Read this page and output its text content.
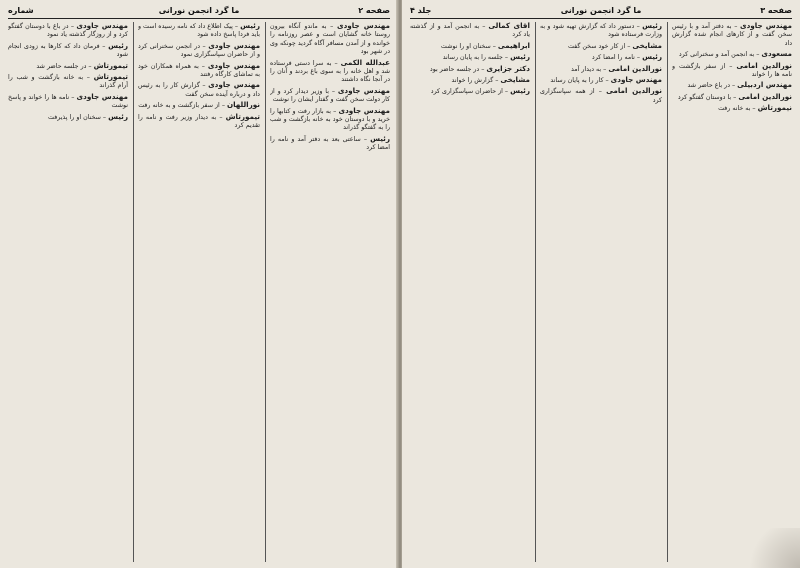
شماره	ما گرد انجمن نورانی	صفحه ۲

مهندس جاودی – به ماندو آنگاه بیرون روستا خانه گشایان است و عصر روزنامه را خوانده و از آمدن مسافر آگاه گردید چونکه وی در شهر بود

عبدالله الکمی – به سرا دستی فرستاده شد و اهل خانه را به سوی باغ بردند و آنان را در آنجا نگاه داشتند

مهندس جاودی – با وزیر دیدار کرد و از کار دولت سخن گفت و گفتار ایشان را نوشت

مهندس جاودی – به بازار رفت و کتابها را خرید و با دوستان خود به خانه بازگشت و شب را به گفتگو گذراند

رئیس – ساعتی بعد به دفتر آمد و نامه را امضا کرد

رئیس – پیک اطلاع داد که نامه رسیده است و باید فردا پاسخ داده شود

مهندس جاودی – در انجمن سخنرانی کرد و از حاضران سپاسگزاری نمود

مهندس جاودی – به همراه همکاران خود به تماشای کارگاه رفتند

مهندس جاودی – گزارش کار را به رئیس داد و درباره آینده سخن گفت

نوراللهان – از سفر بازگشت و به خانه رفت

تیمورتاش – به دیدار وزیر رفت و نامه را تقدیم کرد

مهندس جاودی – در باغ با دوستان گفتگو کرد و از روزگار گذشته یاد نمود

رئیس – فرمان داد که کارها به زودی انجام شود

تیمورتاش – در جلسه حاضر شد

تیمورتاش – به خانه بازگشت و شب را آرام گذراند

مهندس جاودی – نامه ها را خواند و پاسخ نوشت

رئیس – سخنان او را پذیرفت

جلد ۴	ما گرد انجمن نورانی	صفحه ۳

مهندس جاودی – به دفتر آمد و با رئیس سخن گفت و از کارهای انجام شده گزارش داد

مسعودی – به انجمن آمد و سخنرانی کرد

نورالدین امامی – از سفر بازگشت و نامه ها را خواند

مهندس اردبیلی – در باغ حاضر شد

نورالدین امامی – با دوستان گفتگو کرد

نیمورتاش – به خانه رفت

رئیس – دستور داد که گزارش تهیه شود و به وزارت فرستاده شود

مشایخی – از کار خود سخن گفت

رئیس – نامه را امضا کرد

نورالدین امامی – به دیدار آمد

مهندس جاودی – کار را به پایان رساند

نورالدین امامی – از همه سپاسگزاری کرد

آقای کمالی – به انجمن آمد و از گذشته یاد کرد

ابراهیمی – سخنان او را نوشت

رئیس – جلسه را به پایان رساند

دکتر جزایری – در جلسه حاضر بود

مشایخی – گزارش را خواند

رئیس – از حاضران سپاسگزاری کرد
